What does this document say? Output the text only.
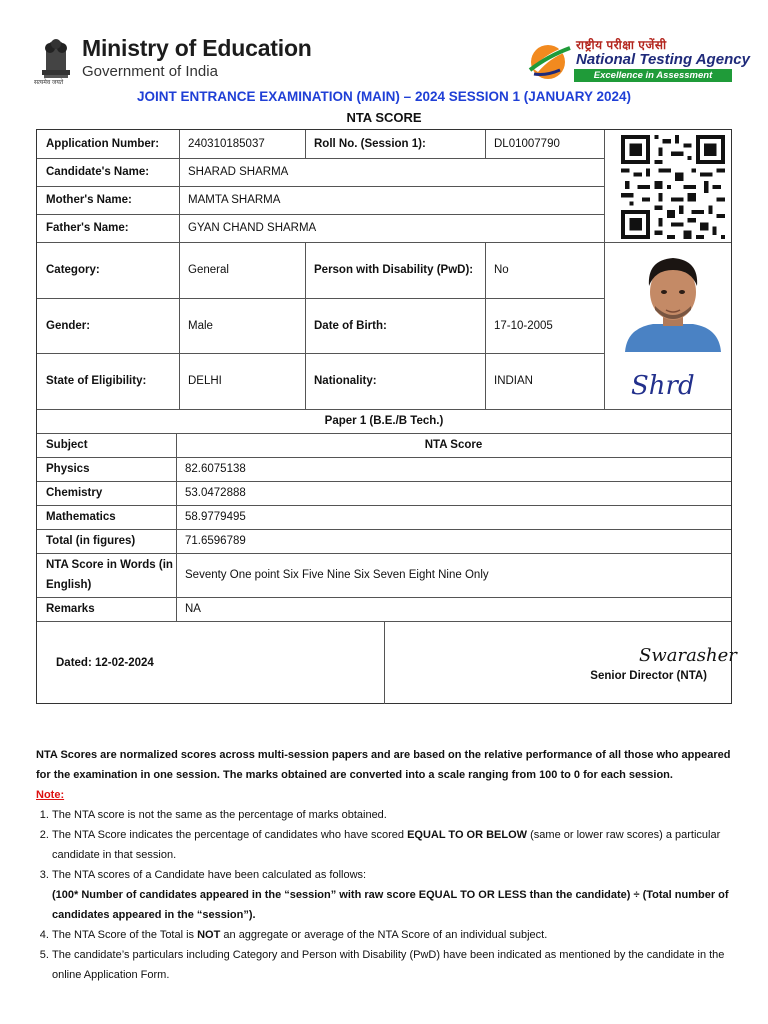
सत्यमेव जयते
Ministry of Education
Government of India
राष्ट्रीय परीक्षा एजेंसी
National Testing Agency
Excellence in Assessment
JOINT ENTRANCE EXAMINATION (MAIN) – 2024 SESSION 1 (JANUARY 2024)
NTA SCORE
Application Number:	240310185037	Roll No. (Session 1):	DL01007790
Candidate's Name:	SHARAD SHARMA
Mother's Name:	MAMTA SHARMA
Father's Name:	GYAN CHAND SHARMA
Category:	General	Person with Disability (PwD):	No
Gender:	Male	Date of Birth:	17-10-2005
State of Eligibility:	DELHI	Nationality:	INDIAN	Shrd
Paper 1 (B.E./B Tech.)
Subject	NTA Score
Physics	82.6075138
Chemistry	53.0472888
Mathematics	58.9779495
Total (in figures)	71.6596789
NTA Score in Words (in
English)
Seventy One point Six Five Nine Six Seven Eight Nine Only
Remarks	NA
Dated: 12-02-2024	Swarasher
Senior Director (NTA)
NTA Scores are normalized scores across multi-session papers and are based on the relative performance of all those who appeared for the examination in one session. The marks obtained are converted into a scale ranging from 100 to 0 for each session.
Note:
1. The NTA score is not the same as the percentage of marks obtained.
2. The NTA Score indicates the percentage of candidates who have scored EQUAL TO OR BELOW (same or lower raw scores) a particular candidate in that session.
3. The NTA scores of a Candidate have been calculated as follows:
(100* Number of candidates appeared in the “session” with raw score EQUAL TO OR LESS than the candidate) ÷ (Total number of candidates appeared in the “session”).
4. The NTA Score of the Total is NOT an aggregate or average of the NTA Score of an individual subject.
5. The candidate’s particulars including Category and Person with Disability (PwD) have been indicated as mentioned by the candidate in the online Application Form.
